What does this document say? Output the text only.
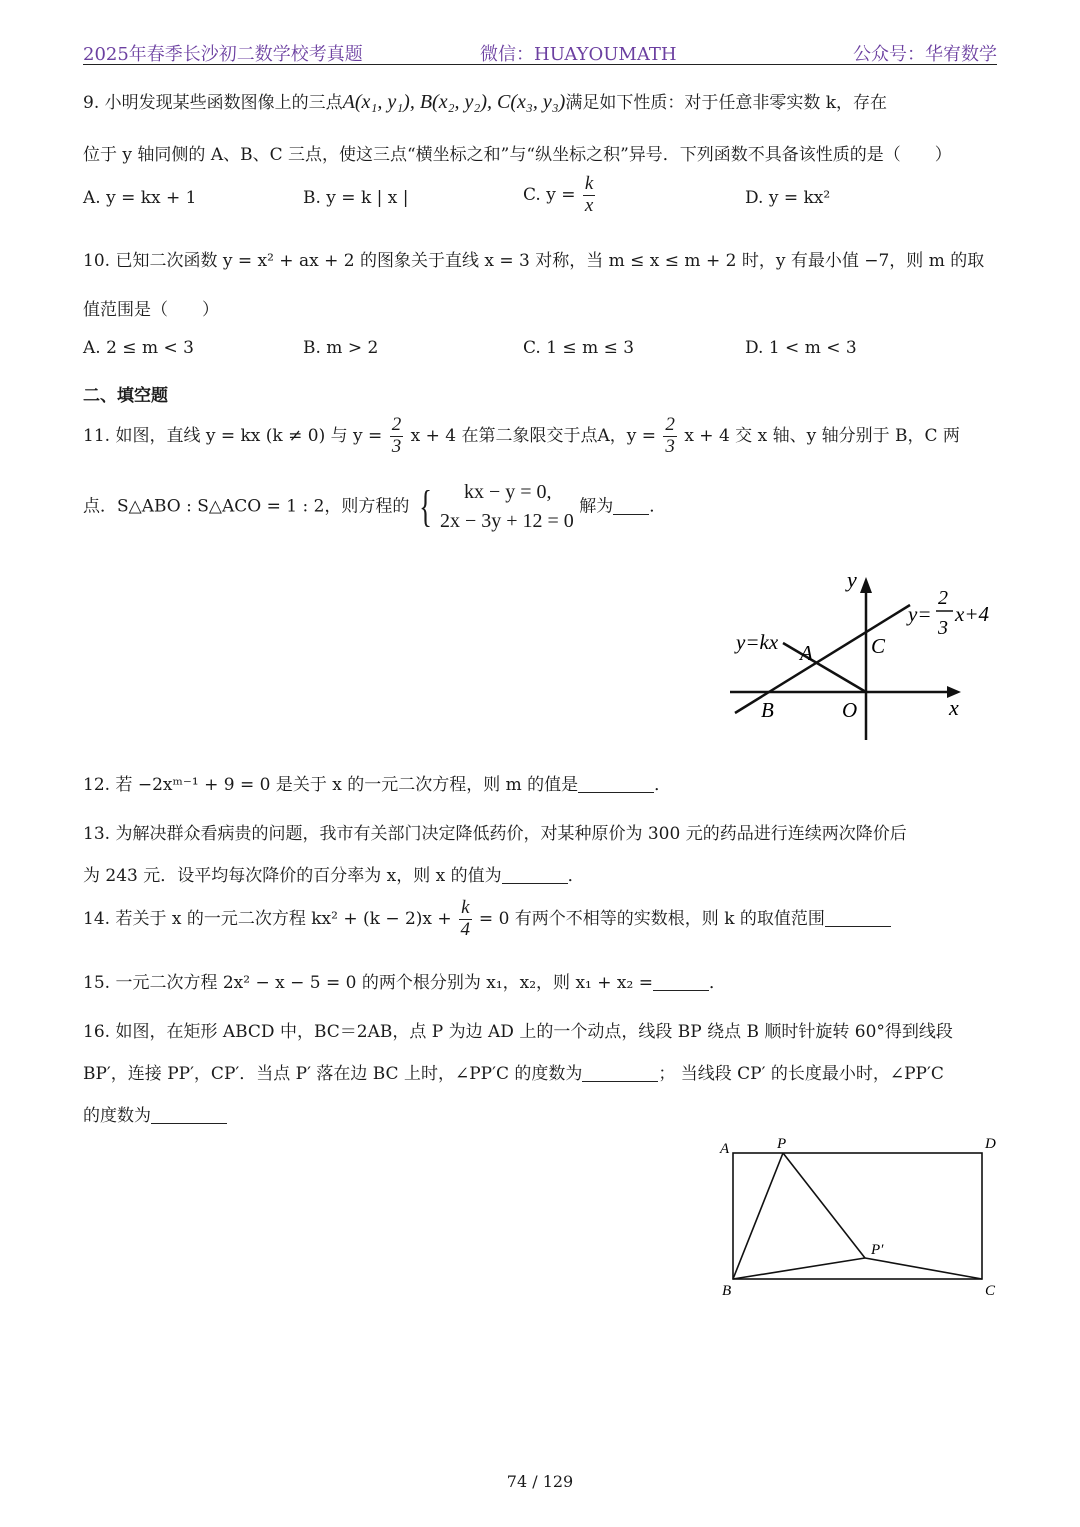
2025年春季长沙初二数学校考真题	微信：HUAYOUMATH	公众号：华宥数学
9. 小明发现某些函数图像上的三点A(x₁, y₁), B(x₂, y₂), C(x₃, y₃)满足如下性质：对于任意非零实数 k，存在
位于 y 轴同侧的 A、B、C 三点，使这三点“横坐标之和”与“纵坐标之积”异号．下列函数不具备该性质的是（　　）
A. y = kx + 1	B. y = k | x |	C. $y = \frac{k}{x}$	D. y = kx²
10. 已知二次函数 y = x² + ax + 2 的图象关于直线 x = 3 对称，当 m ≤ x ≤ m + 2 时，y 有最小值 −7，则 m 的取
值范围是（　　）
A. 2 ≤ m < 3	B. m > 2	C. 1 ≤ m ≤ 3	D. 1 < m < 3
二、填空题
11. 如图，直线 y = kx (k ≠ 0) 与 $y = \frac{2}{3}$ x + 4 在第二象限交于点A，$y = \frac{2}{3}$ x + 4 交 x 轴、y 轴分别于 B，C 两
点．S△ABO : S△ACO = 1 : 2，则方程的 {	kx − y = 0,
2x − 3y + 12 = 0
解为 ．
y
x
y=kx
y=
2
3
x+4
A
B
C
O
12. 若 −2xᵐ⁻¹ + 9 = 0 是关于 x 的一元二次方程，则 m 的值是	．
13. 为解决群众看病贵的问题，我市有关部门决定降低药价，对某种原价为 300 元的药品进行连续两次降价后
为 243 元．设平均每次降价的百分率为 x，则 x 的值为	．
14. 若关于 x 的一元二次方程 $kx^2 + (k - 2)x + \frac{k}{4} = 0$ 有两个不相等的实数根，则 k 的取值范围
15. 一元二次方程 2x² − x − 5 = 0 的两个根分别为 x₁，x₂，则 x₁ + x₂ =	．
16. 如图，在矩形 ABCD 中，BC＝2AB，点 P 为边 AD 上的一个动点，线段 BP 绕点 B 顺时针旋转 60°得到线段
BP′，连接 PP′，CP′．当点 P′ 落在边 BC 上时，∠PP′C 的度数为	； 当线段 CP′ 的长度最小时，∠PP′C
的度数为
A	P	D
P′
B	C
74 / 129
